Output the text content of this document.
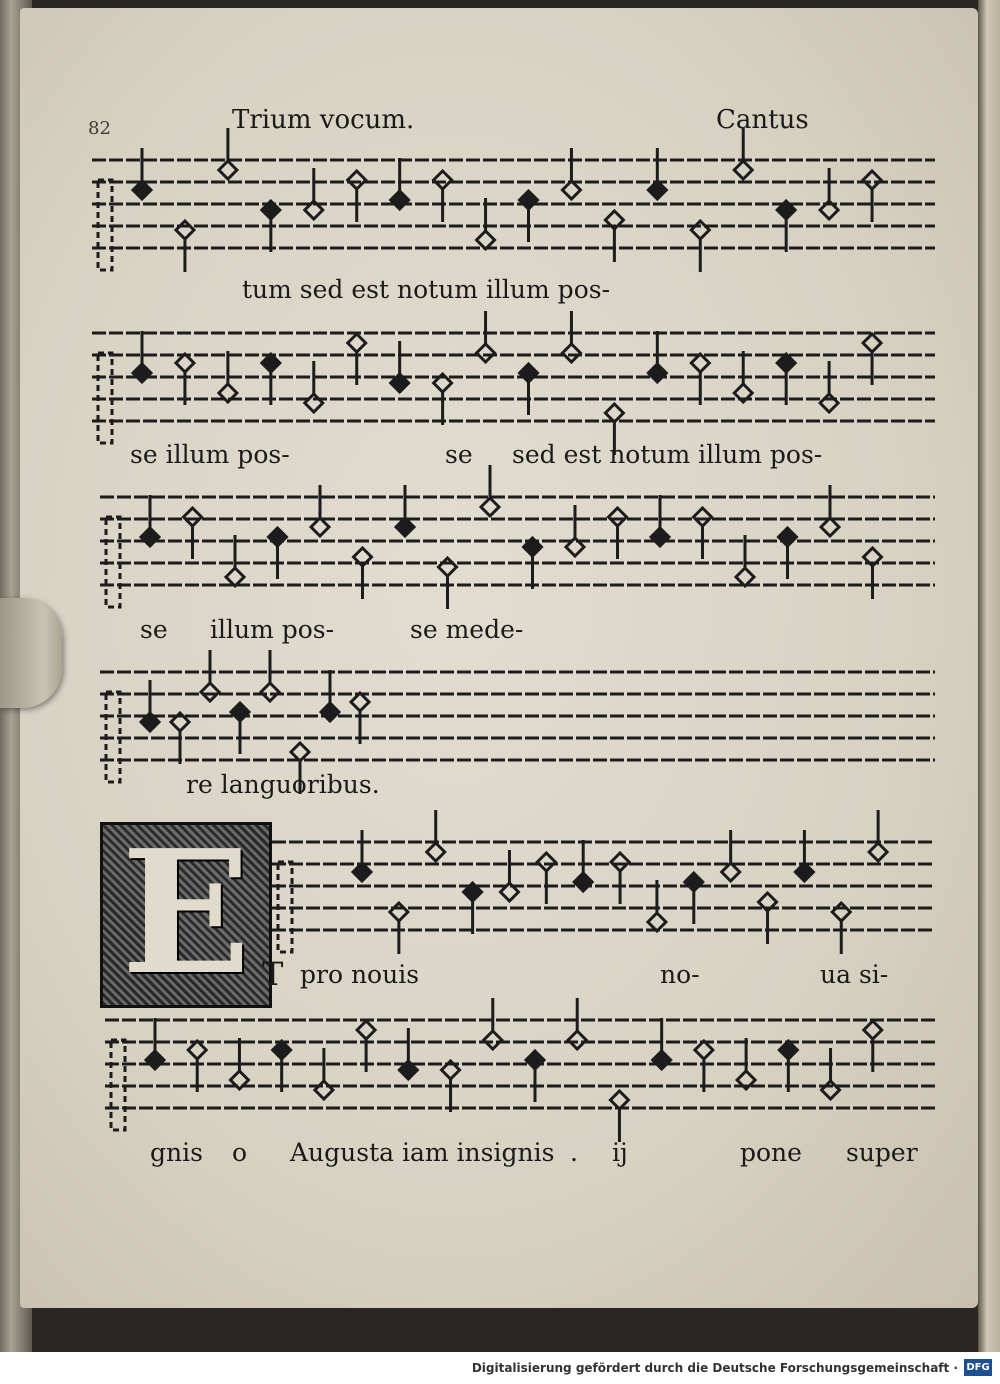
82	Trium vocum.	Cantus
E
tum sed est notum illum pos-
se illum pos-	se sed est notum illum pos-
se illum pos-	se mede-
re languoribus.
T pro nouis	no-	ua si-
gnis o Augusta iam insignis . ij	pone super
Digitalisierung gefördert durch die Deutsche Forschungsgemeinschaft · DFG
